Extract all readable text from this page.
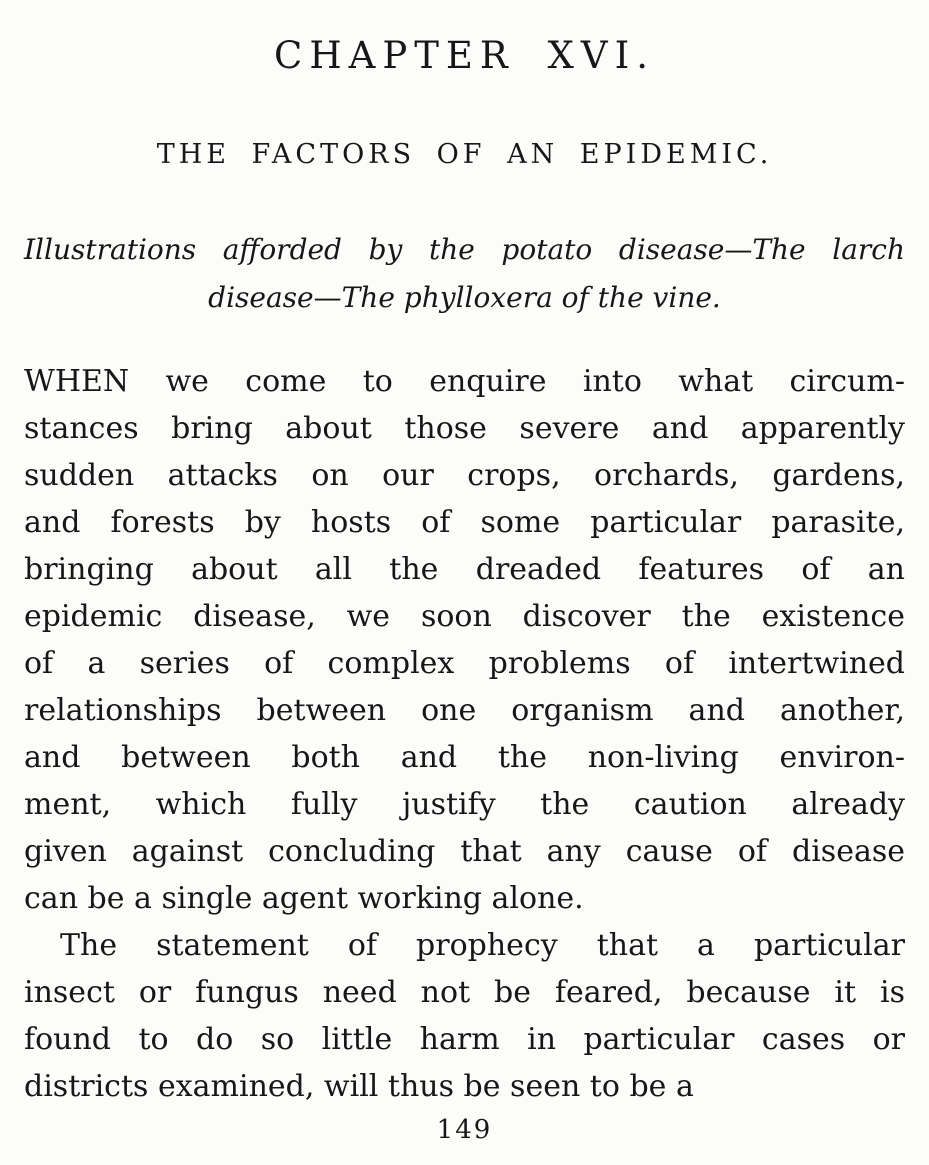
CHAPTER XVI.
THE FACTORS OF AN EPIDEMIC.
Illustrations afforded by the potato disease—The larch
disease—The phylloxera of the vine.
WHEN we come to enquire into what circum-
stances bring about those severe and apparently
sudden attacks on our crops, orchards, gardens,
and forests by hosts of some particular parasite,
bringing about all the dreaded features of an
epidemic disease, we soon discover the existence
of a series of complex problems of intertwined
relationships between one organism and another,
and between both and the non-living environ-
ment, which fully justify the caution already
given against concluding that any cause of disease
can be a single agent working alone.
The statement of prophecy that a particular
insect or fungus need not be feared, because it is
found to do so little harm in particular cases or
districts examined, will thus be seen to be a
149
